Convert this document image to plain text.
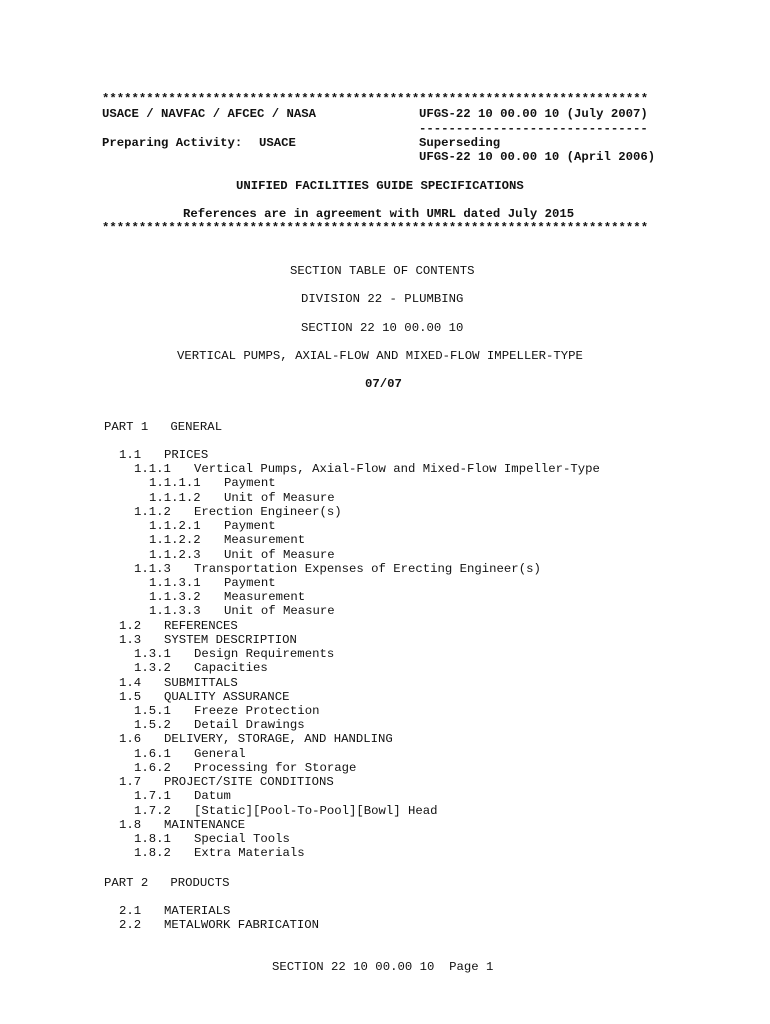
**************************************************************************
USACE / NAVFAC / AFCEC / NASA	UFGS-22 10 00.00 10 (July 2007)
-------------------------------
Preparing Activity: USACE	Superseding
UFGS-22 10 00.00 10 (April 2006)
UNIFIED FACILITIES GUIDE SPECIFICATIONS
References are in agreement with UMRL dated July 2015
**************************************************************************
SECTION TABLE OF CONTENTS
DIVISION 22 - PLUMBING
SECTION 22 10 00.00 10
VERTICAL PUMPS, AXIAL-FLOW AND MIXED-FLOW IMPELLER-TYPE
07/07
PART 1   GENERAL
1.1 PRICES
1.1.1 Vertical Pumps, Axial-Flow and Mixed-Flow Impeller-Type
1.1.1.1 Payment
1.1.1.2 Unit of Measure
1.1.2 Erection Engineer(s)
1.1.2.1 Payment
1.1.2.2 Measurement
1.1.2.3 Unit of Measure
1.1.3 Transportation Expenses of Erecting Engineer(s)
1.1.3.1 Payment
1.1.3.2 Measurement
1.1.3.3 Unit of Measure
1.2 REFERENCES
1.3 SYSTEM DESCRIPTION
1.3.1 Design Requirements
1.3.2 Capacities
1.4 SUBMITTALS
1.5 QUALITY ASSURANCE
1.5.1 Freeze Protection
1.5.2 Detail Drawings
1.6 DELIVERY, STORAGE, AND HANDLING
1.6.1 General
1.6.2 Processing for Storage
1.7 PROJECT/SITE CONDITIONS
1.7.1 Datum
1.7.2 [Static][Pool-To-Pool][Bowl] Head
1.8 MAINTENANCE
1.8.1 Special Tools
1.8.2 Extra Materials
PART 2   PRODUCTS
2.1 MATERIALS
2.2 METALWORK FABRICATION
SECTION 22 10 00.00 10  Page 1
